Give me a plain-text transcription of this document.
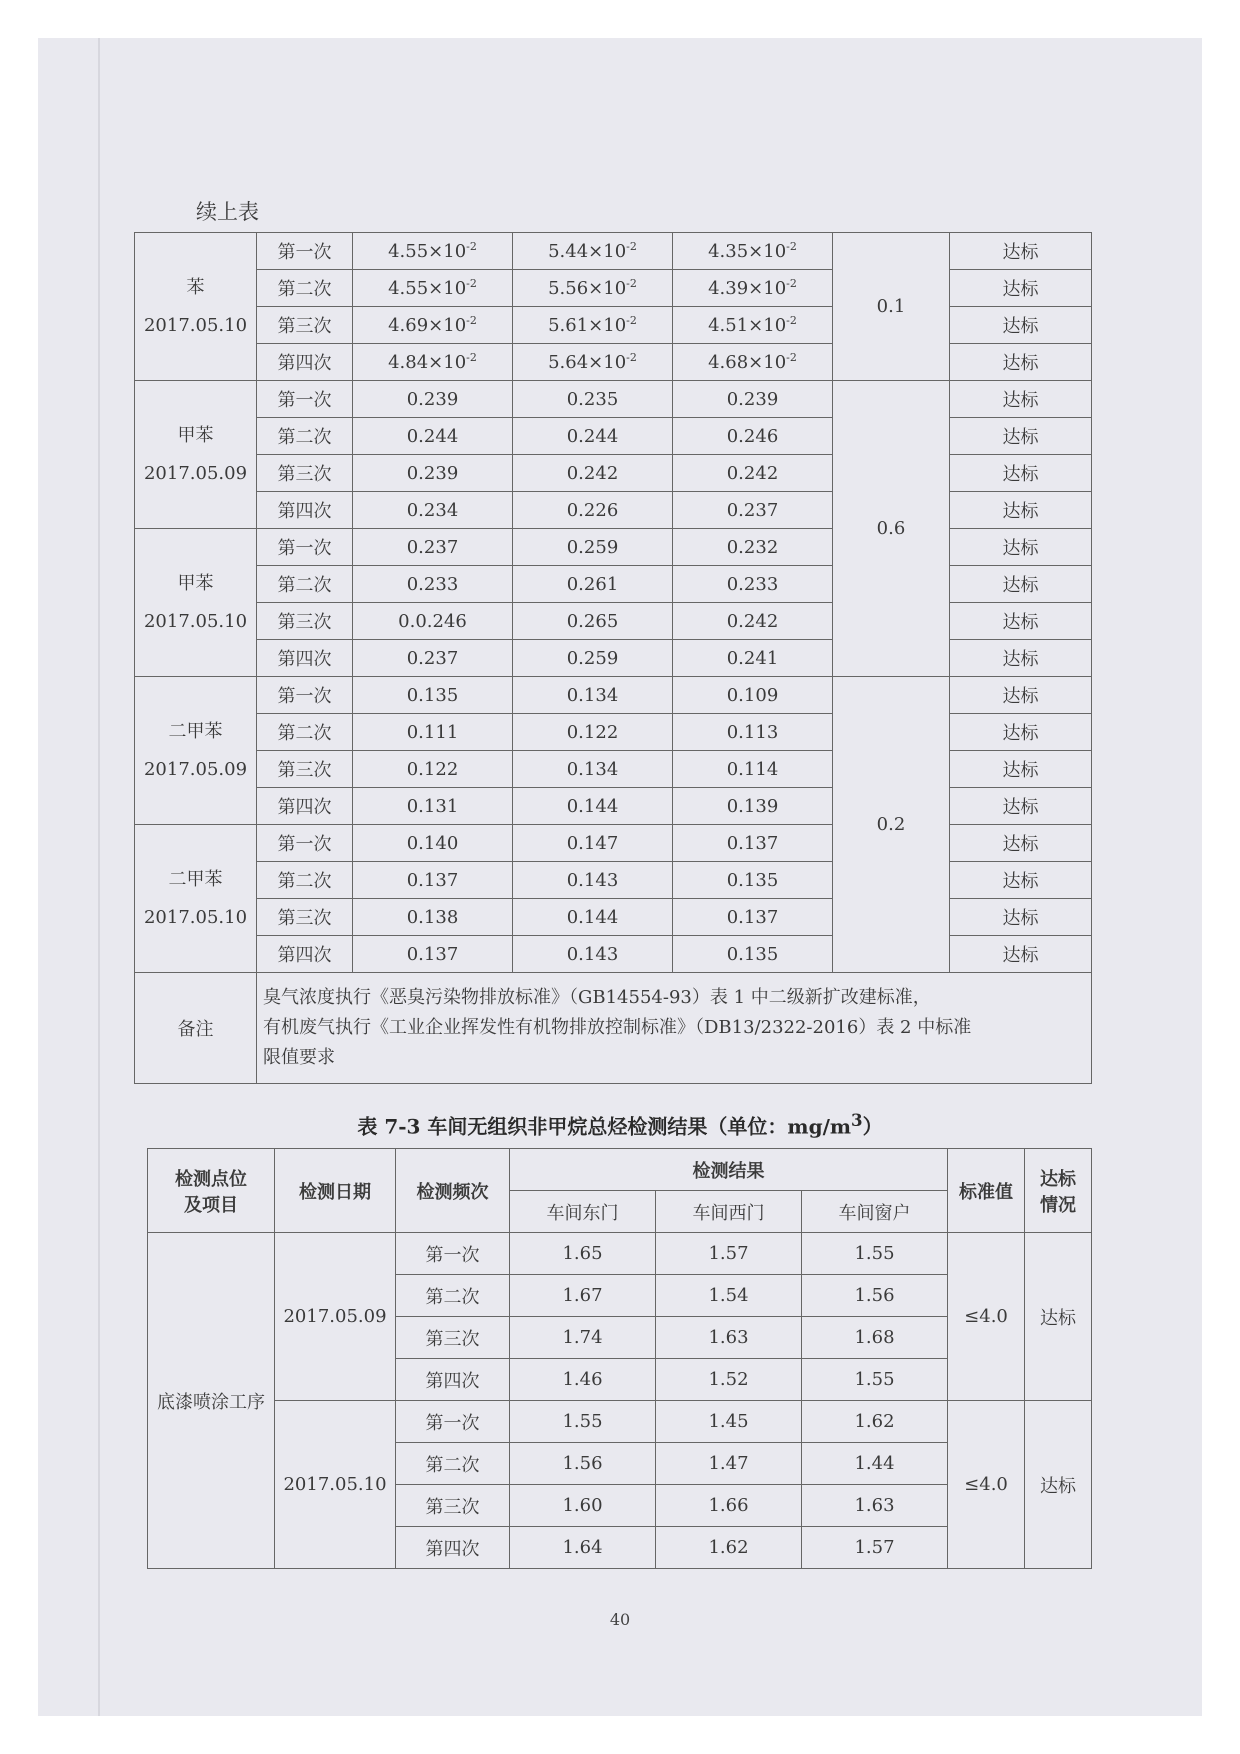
续上表
苯
2017.05.10	第一次	$4.55\times 10^{-2}$	$5.44\times 10^{-2}$	$4.35\times 10^{-2}$	0.1	达标
	第二次	$4.55\times 10^{-2}$	$5.56\times 10^{-2}$	$4.39\times 10^{-2}$		达标
	第三次	$4.69\times 10^{-2}$	$5.61\times 10^{-2}$	$4.51\times 10^{-2}$		达标
	第四次	$4.84\times 10^{-2}$	$5.64\times 10^{-2}$	$4.68\times 10^{-2}$		达标
甲苯
2017.05.09	第一次	0.239	0.235	0.239	0.6	达标
	第二次	0.244	0.244	0.246		达标
	第三次	0.239	0.242	0.242		达标
	第四次	0.234	0.226	0.237		达标
甲苯
2017.05.10	第一次	0.237	0.259	0.232		达标
	第二次	0.233	0.261	0.233		达标
	第三次	0.0.246	0.265	0.242		达标
	第四次	0.237	0.259	0.241		达标
二甲苯
2017.05.09	第一次	0.135	0.134	0.109	0.2	达标
	第二次	0.111	0.122	0.113		达标
	第三次	0.122	0.134	0.114		达标
	第四次	0.131	0.144	0.139		达标
二甲苯
2017.05.10	第一次	0.140	0.147	0.137		达标
	第二次	0.137	0.143	0.135		达标
	第三次	0.138	0.144	0.137		达标
	第四次	0.137	0.143	0.135		达标
备注	臭气浓度执行《恶臭污染物排放标准》（GB14554-93）表 1 中二级新扩改建标准，
有机废气执行《工业企业挥发性有机物排放控制标准》（DB13/2322-2016）表 2 中标准
限值要求					
表 7-3 车间无组织非甲烷总烃检测结果（单位：$mg/m^3$）
检测点位
及项目	检测日期	检测频次	检测结果			标准值	达标
情况
			车间东门	车间西门	车间窗户		
底漆喷涂工序	2017.05.09	第一次	1.65	1.57	1.55	≤4.0	达标
		第二次	1.67	1.54	1.56		
		第三次	1.74	1.63	1.68		
		第四次	1.46	1.52	1.55		
	2017.05.10	第一次	1.55	1.45	1.62	≤4.0	达标
		第二次	1.56	1.47	1.44		
		第三次	1.60	1.66	1.63		
		第四次	1.64	1.62	1.57		
40
